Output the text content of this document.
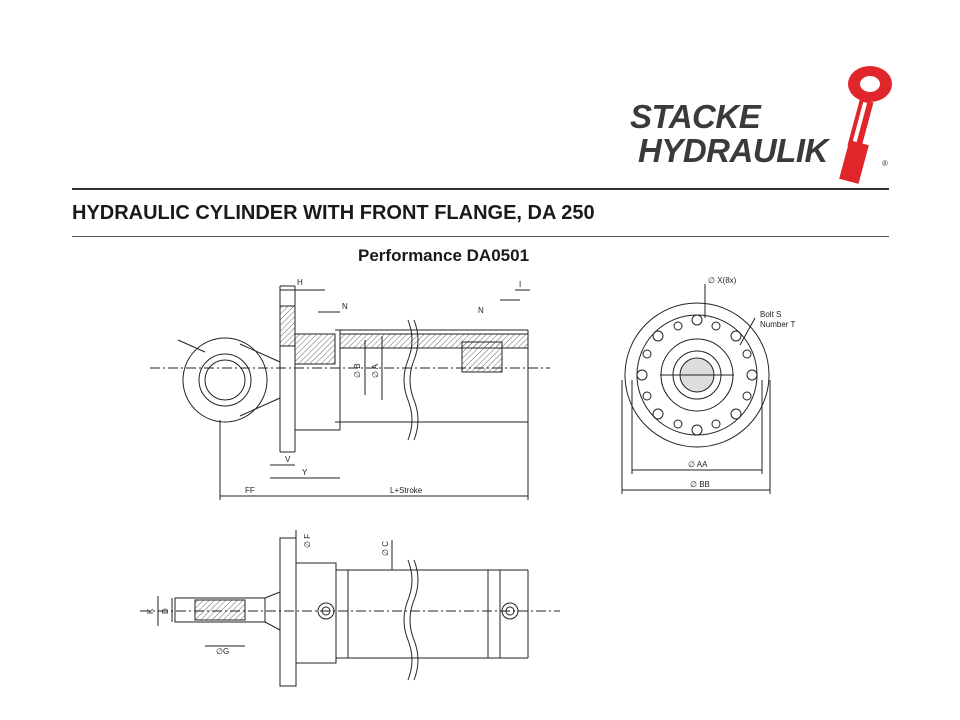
STACKE
HYDRAULIK	®
HYDRAULIC CYLINDER WITH FRONT FLANGE, DA 250
Performance DA0501
H
N	N
I
∅ B ∅ A
V
Y
FF	L+Stroke
∅ X(8x)
Bolt S
Number T
∅ AA
∅ BB
∅ F
∅ C
K D
∅G
